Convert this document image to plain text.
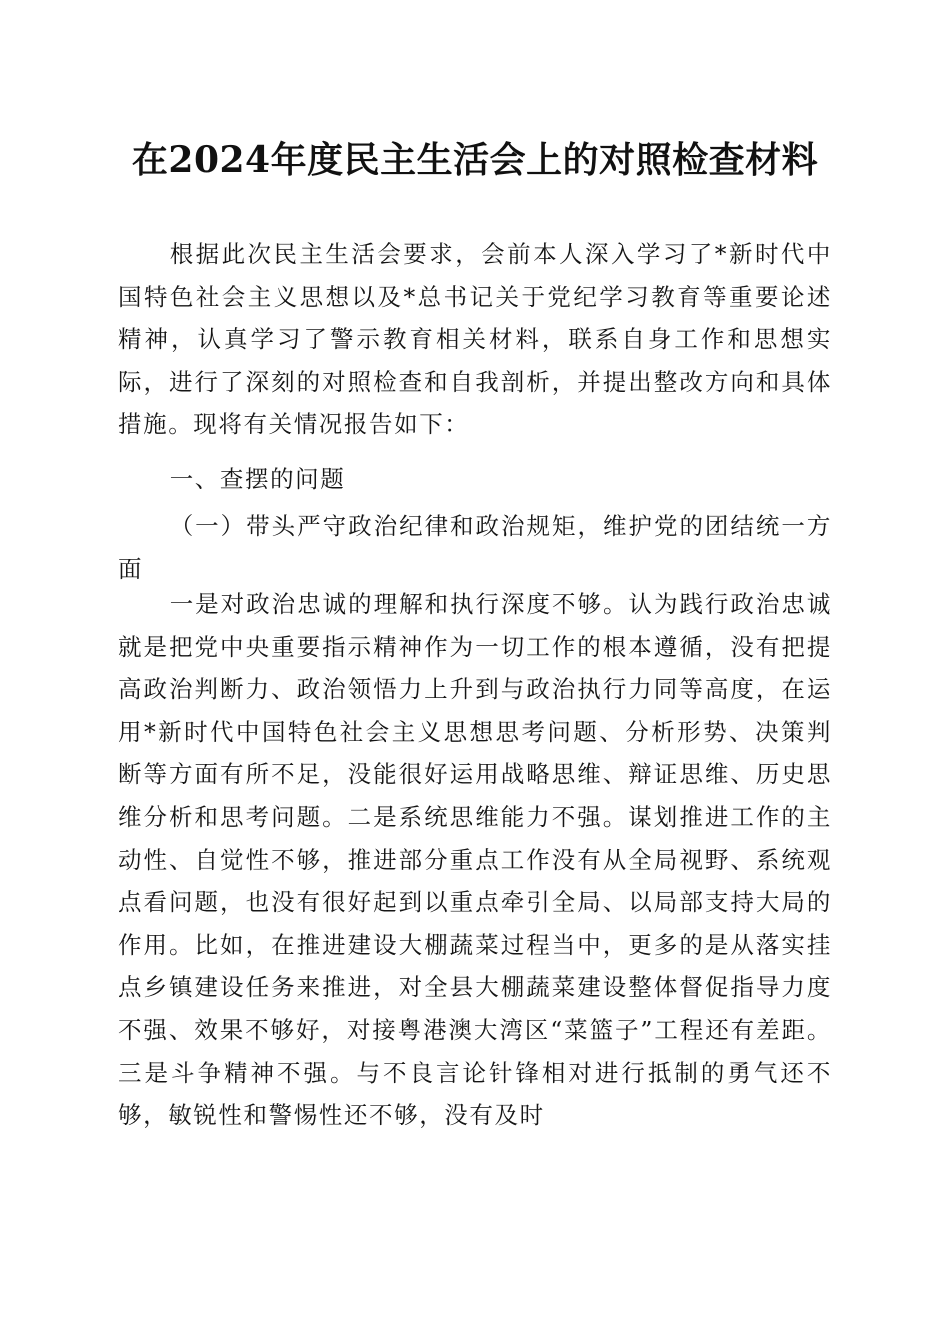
在2024年度民主生活会上的对照检查材料
根据此次民主生活会要求，会前本人深入学习了*新时代中国特色社会主义思想以及*总书记关于党纪学习教育等重要论述精神，认真学习了警示教育相关材料，联系自身工作和思想实际，进行了深刻的对照检查和自我剖析，并提出整改方向和具体措施。现将有关情况报告如下：
一、查摆的问题
（一）带头严守政治纪律和政治规矩，维护党的团结统一方面
一是对政治忠诚的理解和执行深度不够。认为践行政治忠诚就是把党中央重要指示精神作为一切工作的根本遵循，没有把提高政治判断力、政治领悟力上升到与政治执行力同等高度，在运用*新时代中国特色社会主义思想思考问题、分析形势、决策判断等方面有所不足，没能很好运用战略思维、辩证思维、历史思维分析和思考问题。二是系统思维能力不强。谋划推进工作的主动性、自觉性不够，推进部分重点工作没有从全局视野、系统观点看问题，也没有很好起到以重点牵引全局、以局部支持大局的作用。比如，在推进建设大棚蔬菜过程当中，更多的是从落实挂点乡镇建设任务来推进，对全县大棚蔬菜建设整体督促指导力度不强、效果不够好，对接粤港澳大湾区“菜篮子”工程还有差距。三是斗争精神不强。与不良言论针锋相对进行抵制的勇气还不够，敏锐性和警惕性还不够，没有及时
